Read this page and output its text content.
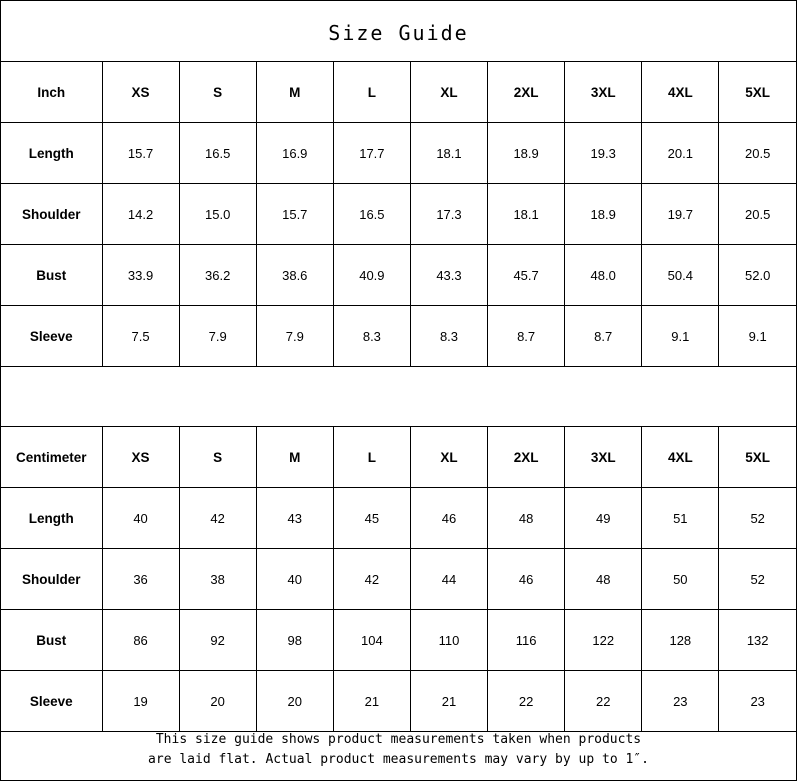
Size Guide
Inch	XS	S	M	L	XL	2XL	3XL	4XL	5XL
Length	15.7	16.5	16.9	17.7	18.1	18.9	19.3	20.1	20.5
Shoulder	14.2	15.0	15.7	16.5	17.3	18.1	18.9	19.7	20.5
Bust	33.9	36.2	38.6	40.9	43.3	45.7	48.0	50.4	52.0
Sleeve	7.5	7.9	7.9	8.3	8.3	8.7	8.7	9.1	9.1
Centimeter	XS	S	M	L	XL	2XL	3XL	4XL	5XL
Length	40	42	43	45	46	48	49	51	52
Shoulder	36	38	40	42	44	46	48	50	52
Bust	86	92	98	104	110	116	122	128	132
Sleeve	19	20	20	21	21	22	22	23	23
This size guide shows product measurements taken when products
are laid flat. Actual product measurements may vary by up to 1″.
